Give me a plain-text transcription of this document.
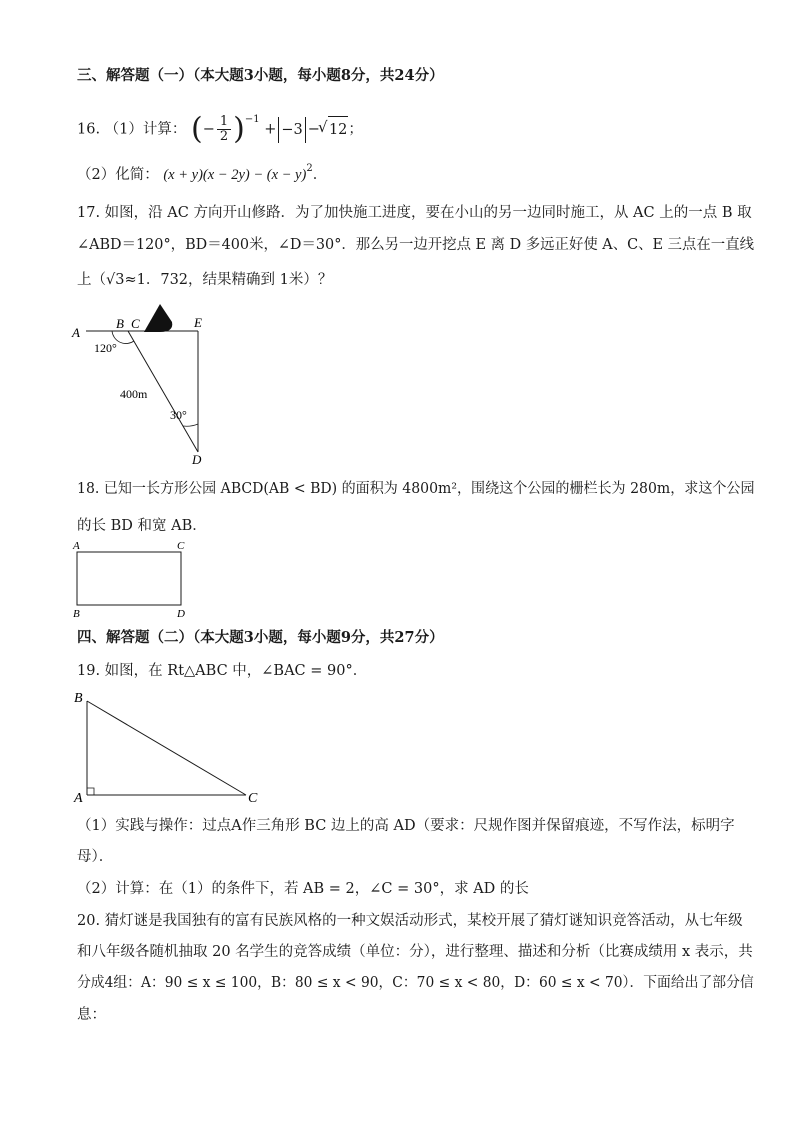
三、解答题（一）（本大题3小题，每小题8分，共24分）
16. （1）计算： (− $\frac{1}{2} )^{-1} + -3$ −√ 12；
（2）化简： $(x + y)(x - 2y) - (x - y)^2$．
17. 如图，沿 AC 方向开山修路．为了加快施工进度，要在小山的另一边同时施工，从 AC 上的一点 B 取
∠ABD＝120°，BD＝400米，∠D＝30°．那么另一边开挖点 E 离 D 多远正好使 A、C、E 三点在一直线
上（√3≈1．732，结果精确到 1米）？
A
B C	E
D
120°
400m
30°
18. 已知一长方形公园 ABCD(AB < BD) 的面积为 4800m²，围绕这个公园的栅栏长为 280m，求这个公园
的长 BD 和宽 AB．
A	C
B	D
四、解答题（二）（本大题3小题，每小题9分，共27分）
19. 如图，在 Rt△ABC 中，∠BAC = 90°．
B
A	C
（1）实践与操作：过点A作三角形 BC 边上的高 AD（要求：尺规作图并保留痕迹，不写作法，标明字
母）．
（2）计算：在（1）的条件下，若 AB = 2，∠C = 30°，求 AD 的长
20. 猜灯谜是我国独有的富有民族风格的一种文娱活动形式，某校开展了猜灯谜知识竞答活动，从七年级
和八年级各随机抽取 20 名学生的竞答成绩（单位：分），进行整理、描述和分析（比赛成绩用 x 表示，共
分成4组：A：90 ≤ x ≤ 100，B：80 ≤ x < 90，C：70 ≤ x < 80，D：60 ≤ x < 70）．下面给出了部分信
息：
